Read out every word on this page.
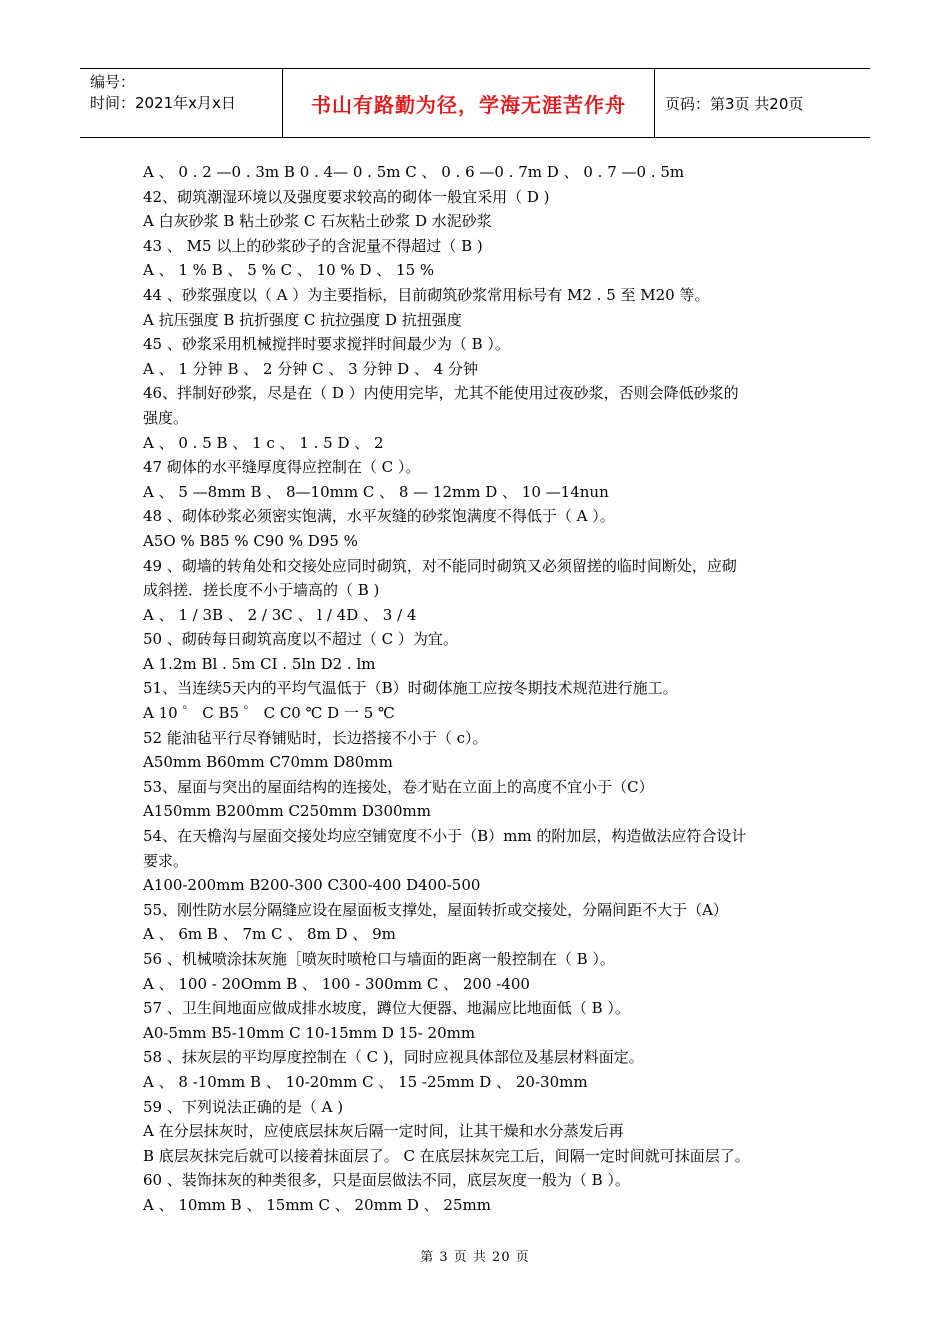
编号：
时间：2021年x月x日	书山有路勤为径，学海无涯苦作舟	页码：第3页 共20页
A 、 0 . 2 —0 . 3m B 0 . 4— 0 . 5m C 、 0 . 6 —0 . 7m D 、 0 . 7 —0 . 5m
42、砌筑潮湿环境以及强度要求较高的砌体一般宜采用（ D )
A 白灰砂浆 B 粘土砂浆 C 石灰粘土砂浆 D 水泥砂浆
43 、 M5 以上的砂浆砂子的含泥量不得超过（ B )
A 、 1 % B 、 5 % C 、 10 % D 、 15 %
44 、砂浆强度以（ A ）为主要指标，目前砌筑砂浆常用标号有 M2 . 5 至 M20 等。
A 抗压强度 B 抗折强度 C 抗拉强度 D 抗扭强度
45 、砂浆采用机械搅拌时要求搅拌时间最少为（ B ）。
A 、 1 分钟 B 、 2 分钟 C 、 3 分钟 D 、 4 分钟
46、拌制好砂浆，尽是在（ D ）内使用完毕，尤其不能使用过夜砂浆，否则会降低砂浆的
强度。
A 、 0 . 5 B 、 1 c 、 1 . 5 D 、 2
47 砌体的水平缝厚度得应控制在（ C ）。
A 、 5 —8mm B 、 8—10mm C 、 8 — 12mm D 、 10 —14nun
48 、砌体砂浆必须密实饱满，水平灰缝的砂浆饱满度不得低于（ A ）。
A5O % B85 % C90 % D95 %
49 、砌墙的转角处和交接处应同时砌筑，对不能同时砌筑又必须留搓的临时间断处，应砌
成斜搓．搓长度不小于墙高的（ B )
A 、 1 / 3B 、 2 / 3C 、 l / 4D 、 3 / 4
50 、砌砖每日砌筑高度以不超过（ C ）为宜。
A 1.2m Bl . 5m CI . 5ln D2 . lm
51、当连续5天内的平均气温低于（B）时砌体施工应按冬期技术规范进行施工。
A 10 ゜ C B5 ゜ C C0 ℃ D 一 5 ℃
52 能油毡平行尽脊铺贴时，长边搭接不小于（ c）。
A50mm B60mm C70mm D80mm
53、屋面与突出的屋面结构的连接处，卷才贴在立面上的高度不宜小于（C）
A150mm B200mm C250mm D300mm
54、在天檐沟与屋面交接处均应空铺宽度不小于（B）mm 的附加层，构造做法应符合设计
要求。
A100-200mm B200-300 C300-400 D400-500
55、刚性防水层分隔缝应设在屋面板支撑处，屋面转折或交接处，分隔间距不大于（A）
A 、 6m B 、 7m C 、 8m D 、 9m
56 、机械喷涂抹灰施［喷灰时喷枪口与墙面的距离一般控制在（ B ）。
A 、 100 - 20Omm B 、 100 - 300mm C 、 200 -400
57 、卫生间地面应做成排水坡度，蹲位大便器、地漏应比地面低（ B ）。
A0-5mm B5-10mm C 10-15mm D 15- 20mm
58 、抹灰层的平均厚度控制在（ C )，同时应视具体部位及基层材料面定。
A 、 8 -10mm B 、 10-20mm C 、 15 -25mm D 、 20-30mm
59 、下列说法正确的是（ A )
A 在分层抹灰时，应使底层抹灰后隔一定时间，让其干燥和水分蒸发后再
B 底层灰抹完后就可以接着抹面层了。 C 在底层抹灰完工后，间隔一定时间就可抹面层了。
60 、装饰抹灰的种类很多，只是面层做法不同，底层灰度一般为（ B ）。
A 、 10mm B 、 15mm C 、 20mm D 、 25mm
第 3 页 共 20 页
